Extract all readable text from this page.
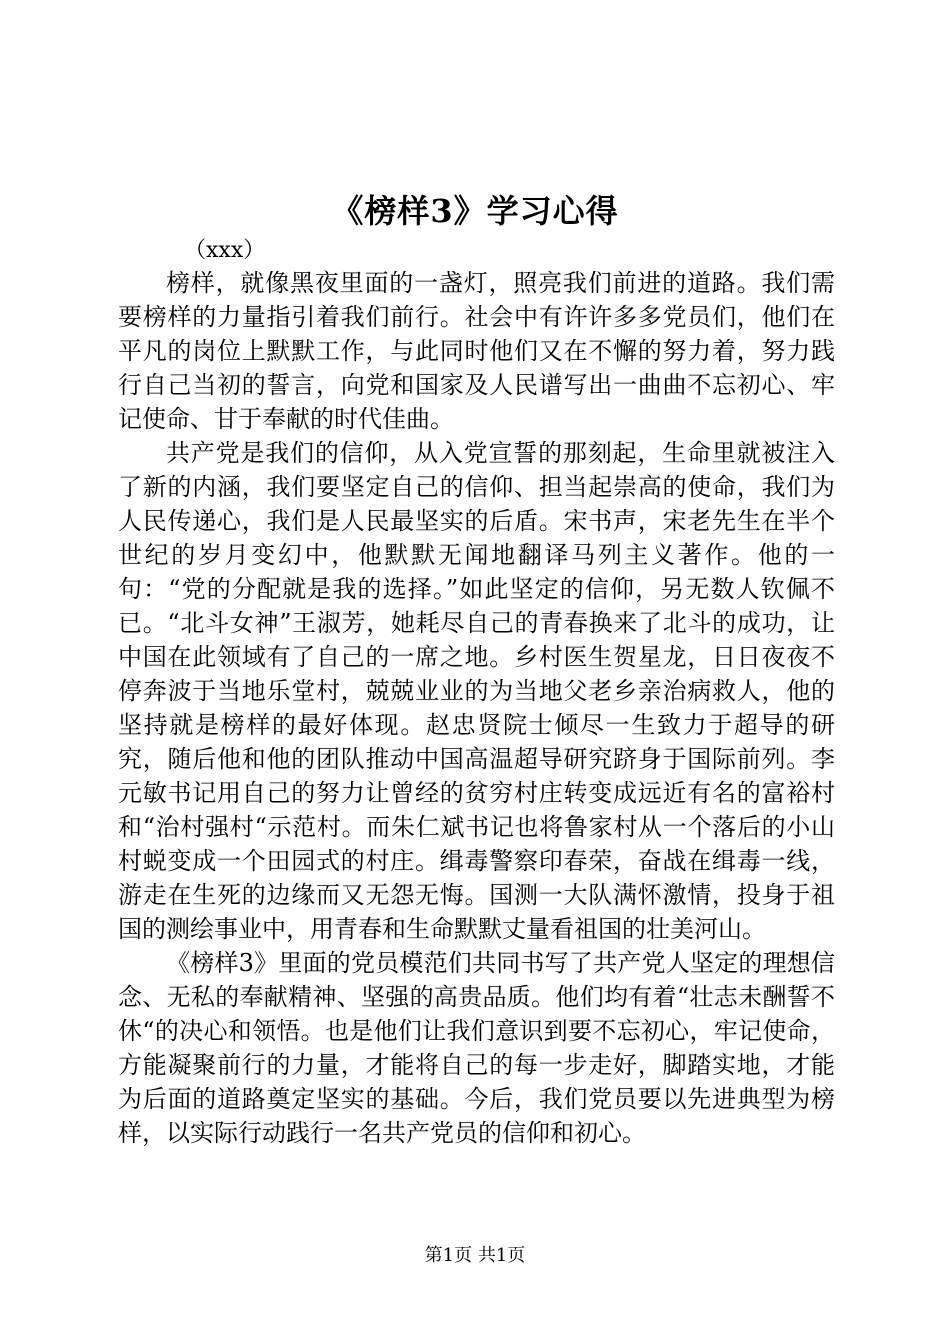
《榜样3》学习心得
（xxx）

榜样，就像黑夜里面的一盏灯，照亮我们前进的道路。我们需要榜样的力量指引着我们前行。社会中有许许多多党员们，他们在平凡的岗位上默默工作，与此同时他们又在不懈的努力着，努力践行自己当初的誓言，向党和国家及人民谱写出一曲曲不忘初心、牢记使命、甘于奉献的时代佳曲。

共产党是我们的信仰，从入党宣誓的那刻起，生命里就被注入了新的内涵，我们要坚定自己的信仰、担当起崇高的使命，我们为人民传递心，我们是人民最坚实的后盾。宋书声，宋老先生在半个世纪的岁月变幻中，他默默无闻地翻译马列主义著作。他的一句：“党的分配就是我的选择。”如此坚定的信仰，另无数人钦佩不已。“北斗女神”王淑芳，她耗尽自己的青春换来了北斗的成功，让中国在此领域有了自己的一席之地。乡村医生贺星龙，日日夜夜不停奔波于当地乐堂村，兢兢业业的为当地父老乡亲治病救人，他的坚持就是榜样的最好体现。赵忠贤院士倾尽一生致力于超导的研究，随后他和他的团队推动中国高温超导研究跻身于国际前列。李元敏书记用自己的努力让曾经的贫穷村庄转变成远近有名的富裕村和“治村强村“示范村。而朱仁斌书记也将鲁家村从一个落后的小山村蜕变成一个田园式的村庄。缉毒警察印春荣，奋战在缉毒一线，游走在生死的边缘而又无怨无悔。国测一大队满怀激情，投身于祖国的测绘事业中，用青春和生命默默丈量看祖国的壮美河山。

《榜样3》里面的党员模范们共同书写了共产党人坚定的理想信念、无私的奉献精神、坚强的高贵品质。他们均有着“壮志未酬誓不休“的决心和领悟。也是他们让我们意识到要不忘初心，牢记使命，方能凝聚前行的力量，才能将自己的每一步走好，脚踏实地，才能为后面的道路奠定坚实的基础。今后，我们党员要以先进典型为榜样，以实际行动践行一名共产党员的信仰和初心。

第1页 共1页
